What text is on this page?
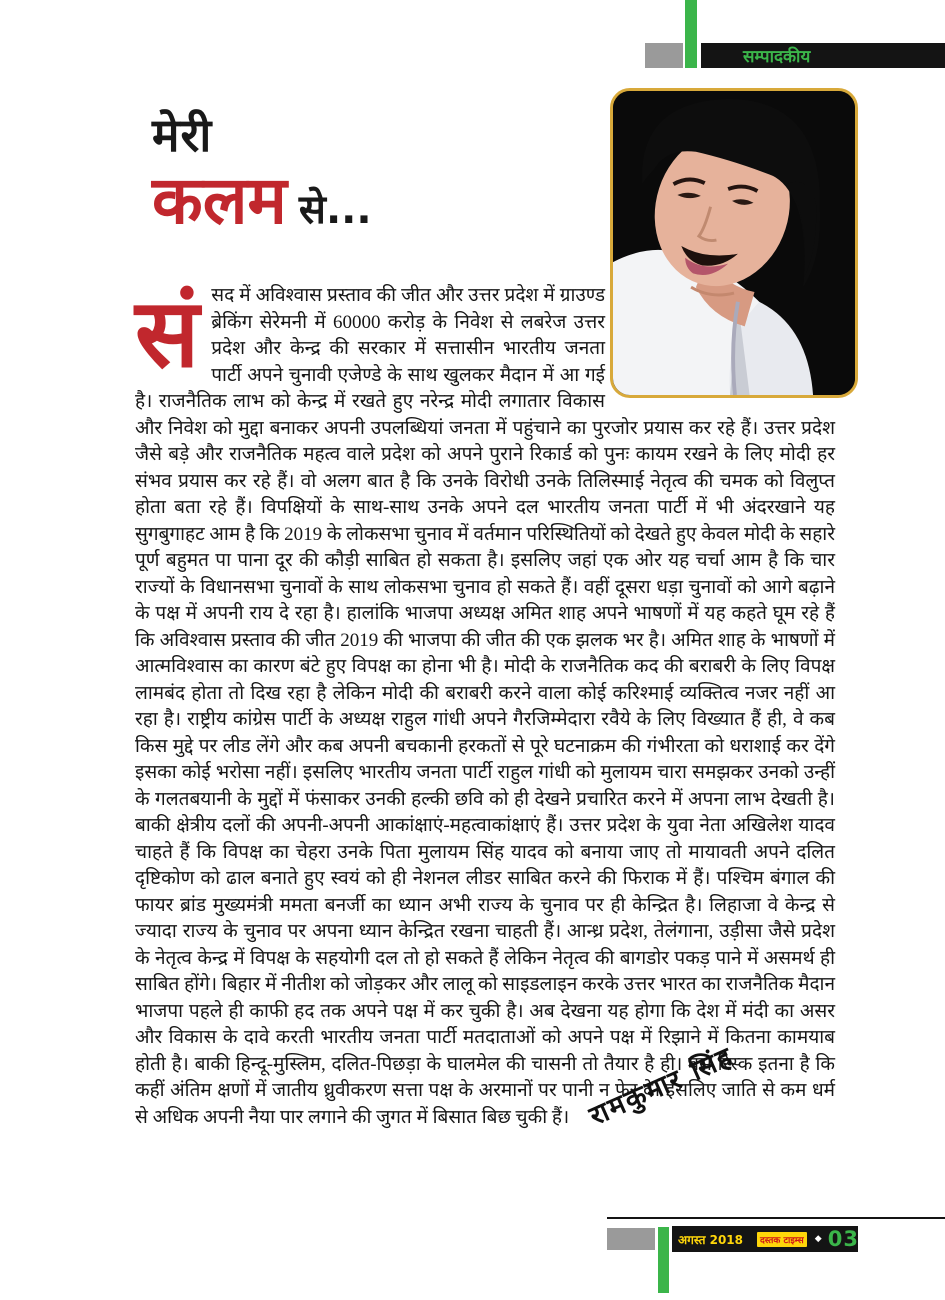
सम्पादकीय
मेरी
कलम से...
सं सद में अविश्वास प्रस्ताव की जीत और उत्तर प्रदेश में ग्राउण्ड ब्रेकिंग सेरेमनी में 60000 करोड़ के निवेश से लबरेज उत्तर प्रदेश और केन्द्र की सरकार में सत्तासीन भारतीय जनता पार्टी अपने चुनावी एजेण्डे के साथ खुलकर मैदान में आ गई है। राजनैतिक लाभ को केन्द्र में रखते हुए नरेन्द्र मोदी लगातार विकास और निवेश को मुद्दा बनाकर अपनी उपलब्धियां जनता में पहुंचाने का पुरजोर प्रयास कर रहे हैं। उत्तर प्रदेश जैसे बड़े और राजनैतिक महत्व वाले प्रदेश को अपने पुराने रिकार्ड को पुनः कायम रखने के लिए मोदी हर संभव प्रयास कर रहे हैं। वो अलग बात है कि उनके विरोधी उनके तिलिस्माई नेतृत्व की चमक को विलुप्त होता बता रहे हैं। विपक्षियों के साथ-साथ उनके अपने दल भारतीय जनता पार्टी में भी अंदरखाने यह सुगबुगाहट आम है कि 2019 के लोकसभा चुनाव में वर्तमान परिस्थितियों को देखते हुए केवल मोदी के सहारे पूर्ण बहुमत पा पाना दूर की कौड़ी साबित हो सकता है। इसलिए जहां एक ओर यह चर्चा आम है कि चार राज्यों के विधानसभा चुनावों के साथ लोकसभा चुनाव हो सकते हैं। वहीं दूसरा धड़ा चुनावों को आगे बढ़ाने के पक्ष में अपनी राय दे रहा है। हालांकि भाजपा अध्यक्ष अमित शाह अपने भाषणों में यह कहते घूम रहे हैं कि अविश्वास प्रस्ताव की जीत 2019 की भाजपा की जीत की एक झलक भर है। अमित शाह के भाषणों में आत्मविश्वास का कारण बंटे हुए विपक्ष का होना भी है। मोदी के राजनैतिक कद की बराबरी के लिए विपक्ष लामबंद होता तो दिख रहा है लेकिन मोदी की बराबरी करने वाला कोई करिश्माई व्यक्तित्व नजर नहीं आ रहा है। राष्ट्रीय कांग्रेस पार्टी के अध्यक्ष राहुल गांधी अपने गैरजिम्मेदारा रवैये के लिए विख्यात हैं ही, वे कब किस मुद्दे पर लीड लेंगे और कब अपनी बचकानी हरकतों से पूरे घटनाक्रम की गंभीरता को धराशाई कर देंगे इसका कोई भरोसा नहीं। इसलिए भारतीय जनता पार्टी राहुल गांधी को मुलायम चारा समझकर उनको उन्हीं के गलतबयानी के मुद्दों में फंसाकर उनकी हल्की छवि को ही देखने प्रचारित करने में अपना लाभ देखती है। बाकी क्षेत्रीय दलों की अपनी-अपनी आकांक्षाएं-महत्वाकांक्षाएं हैं। उत्तर प्रदेश के युवा नेता अखिलेश यादव चाहते हैं कि विपक्ष का चेहरा उनके पिता मुलायम सिंह यादव को बनाया जाए तो मायावती अपने दलित दृष्टिकोण को ढाल बनाते हुए स्वयं को ही नेशनल लीडर साबित करने की फिराक में हैं। पश्चिम बंगाल की फायर ब्रांड मुख्यमंत्री ममता बनर्जी का ध्यान अभी राज्य के चुनाव पर ही केन्द्रित है। लिहाजा वे केन्द्र से ज्यादा राज्य के चुनाव पर अपना ध्यान केन्द्रित रखना चाहती हैं। आन्ध्र प्रदेश, तेलंगाना, उड़ीसा जैसे प्रदेश के नेतृत्व केन्द्र में विपक्ष के सहयोगी दल तो हो सकते हैं लेकिन नेतृत्व की बागडोर पकड़ पाने में असमर्थ ही साबित होंगे। बिहार में नीतीश को जोड़कर और लालू को साइडलाइन करके उत्तर भारत का राजनैतिक मैदान भाजपा पहले ही काफी हद तक अपने पक्ष में कर चुकी है। अब देखना यह होगा कि देश में मंदी का असर और विकास के दावे करती भारतीय जनता पार्टी मतदाताओं को अपने पक्ष में रिझाने में कितना कामयाब होती है। बाकी हिन्दू-मुस्लिम, दलित-पिछड़ा के घालमेल की चासनी तो तैयार है ही। बस रिस्क इतना है कि कहीं अंतिम क्षणों में जातीय ध्रुवीकरण सत्ता पक्ष के अरमानों पर पानी न फेर दे। इसलिए जाति से कम धर्म से अधिक अपनी नैया पार लगाने की जुगत में बिसात बिछ चुकी हैं। रामकुमार सिंह
अगस्त 2018	दस्तक टाइम्स	◆ 03
